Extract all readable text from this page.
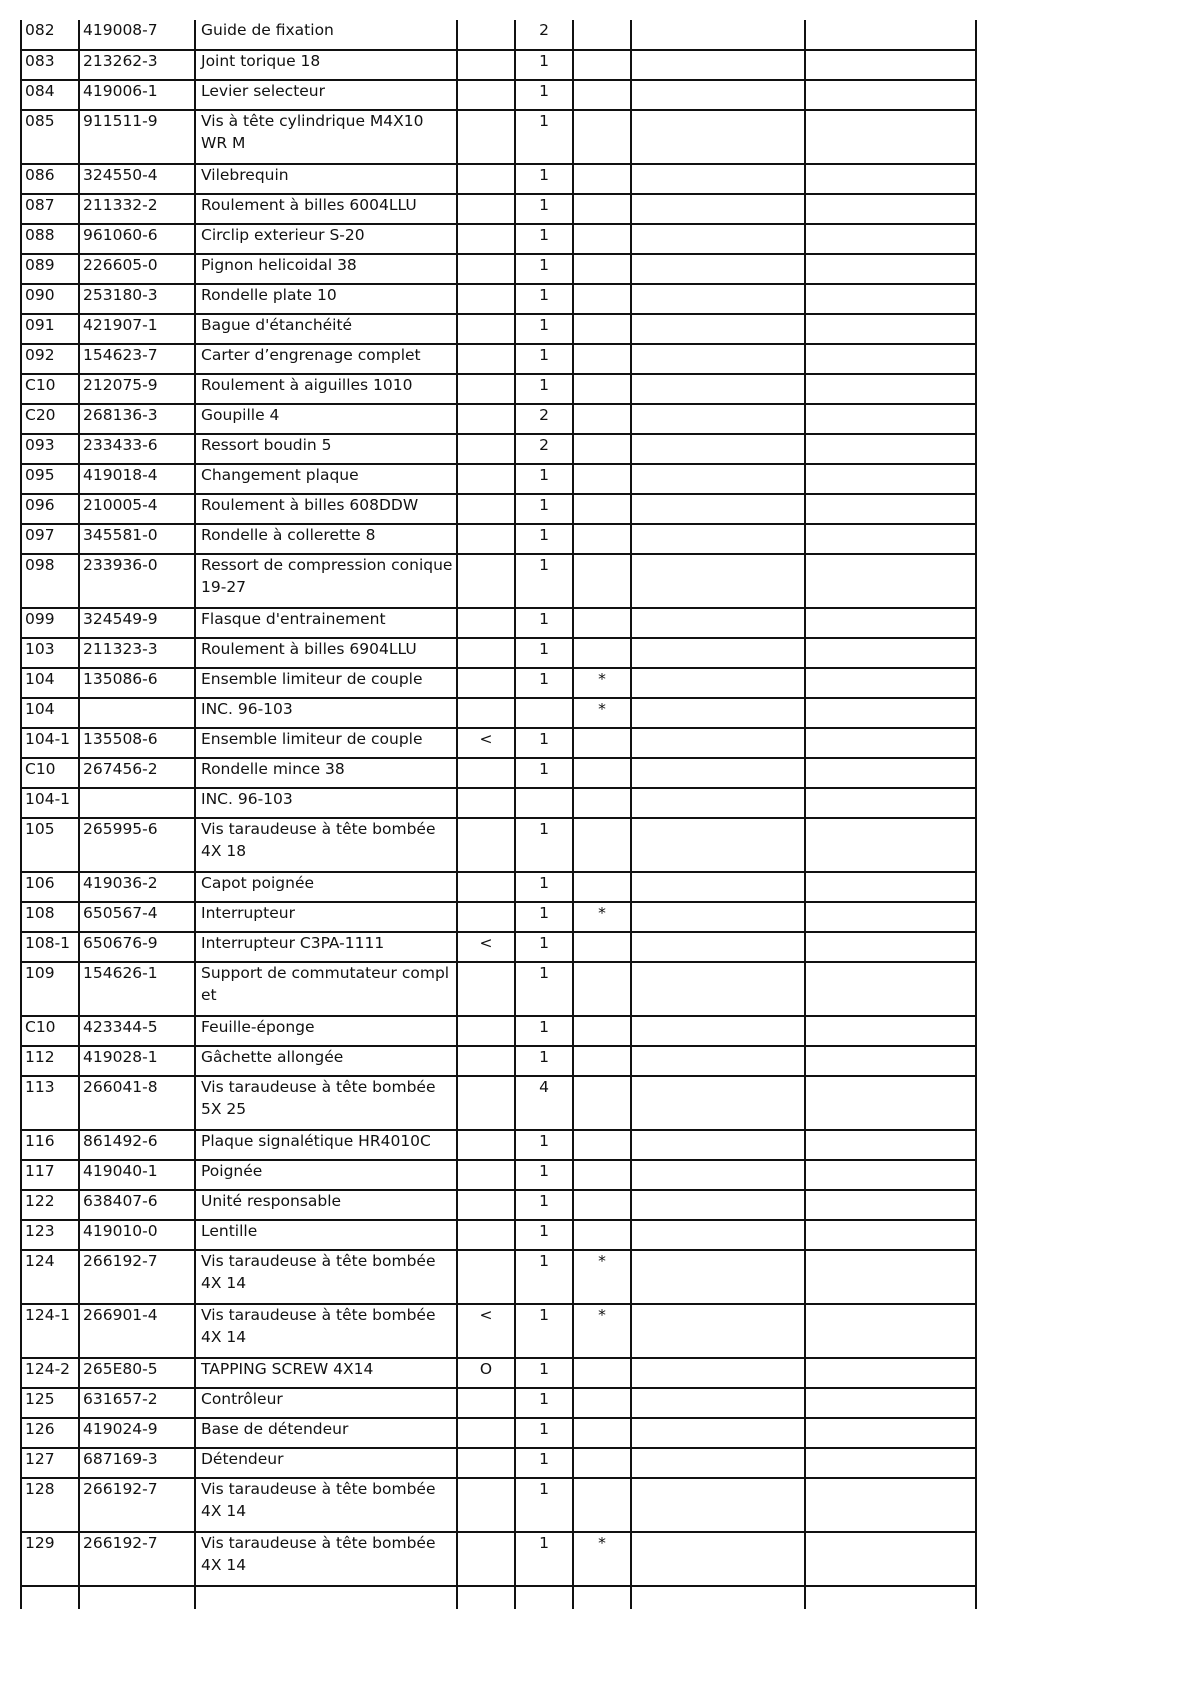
082	419008-7	Guide de fixation		2			

083	213262-3	Joint torique 18		1			

084	419006-1	Levier selecteur		1			

085	911511-9	Vis à tête cylindrique M4X10 WR M		1			

086	324550-4	Vilebrequin		1			

087	211332-2	Roulement à billes 6004LLU		1			

088	961060-6	Circlip exterieur S-20		1			

089	226605-0	Pignon helicoidal 38		1			

090	253180-3	Rondelle plate 10		1			

091	421907-1	Bague d'étanchéité		1			

092	154623-7	Carter d’engrenage complet		1			

C10	212075-9	Roulement à aiguilles 1010		1			

C20	268136-3	Goupille 4		2			

093	233433-6	Ressort boudin 5		2			

095	419018-4	Changement plaque		1			

096	210005-4	Roulement à billes 608DDW		1			

097	345581-0	Rondelle à collerette 8		1			

098	233936-0	Ressort de compression conique 19-27		1			

099	324549-9	Flasque d'entrainement		1			

103	211323-3	Roulement à billes 6904LLU		1			

104	135086-6	Ensemble limiteur de couple		1	*		

104		INC. 96-103			*		

104-1	135508-6	Ensemble limiteur de couple	<	1			

C10	267456-2	Rondelle mince 38		1			

104-1		INC. 96-103					

105	265995-6	Vis taraudeuse à tête bombée 4X 18		1			

106	419036-2	Capot poignée		1			

108	650567-4	Interrupteur		1	*		

108-1	650676-9	Interrupteur C3PA-1111	<	1			

109	154626-1	Support de commutateur compl et		1			

C10	423344-5	Feuille-éponge		1			

112	419028-1	Gâchette allongée		1			

113	266041-8	Vis taraudeuse à tête bombée 5X 25		4			

116	861492-6	Plaque signalétique HR4010C		1			

117	419040-1	Poignée		1			

122	638407-6	Unité responsable		1			

123	419010-0	Lentille		1			

124	266192-7	Vis taraudeuse à tête bombée 4X 14		1	*		

124-1	266901-4	Vis taraudeuse à tête bombée 4X 14	<	1	*		

124-2	265E80-5	TAPPING SCREW 4X14	O	1			

125	631657-2	Contrôleur		1			

126	419024-9	Base de détendeur		1			

127	687169-3	Détendeur		1			

128	266192-7	Vis taraudeuse à tête bombée 4X 14		1			

129	266192-7	Vis taraudeuse à tête bombée 4X 14		1	*		
